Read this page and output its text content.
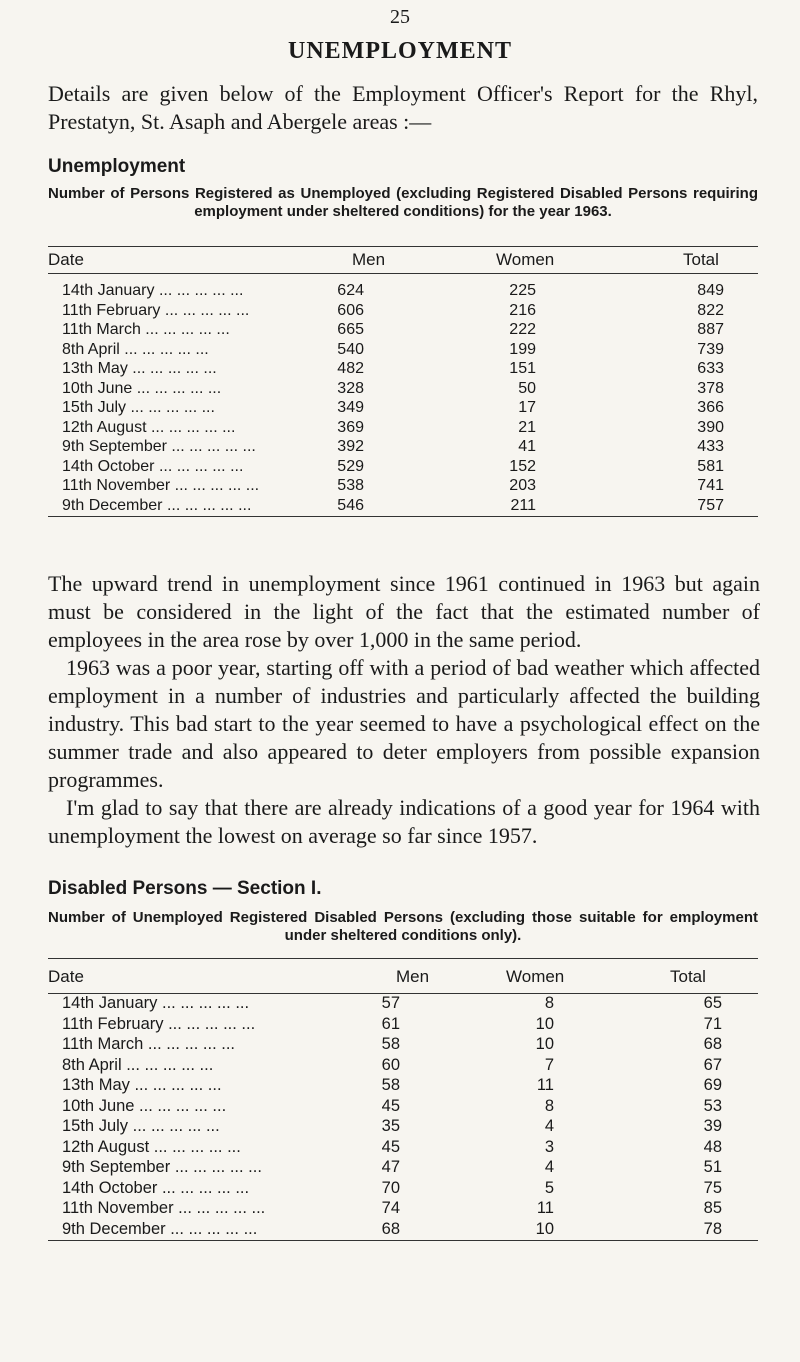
25
UNEMPLOYMENT
Details are given below of the Employment Officer's Report for the Rhyl, Prestatyn, St. Asaph and Abergele areas :—
Unemployment
Number of Persons Registered as Unemployed (excluding Registered Disabled Persons requiring employment under sheltered conditions) for the year 1963.
Date	Men	Women	Total
14th January ... ... ... ... ...	624	225	849
11th February ... ... ... ... ...	606	216	822
11th March ... ... ... ... ...	665	222	887
8th April ... ... ... ... ...	540	199	739
13th May ... ... ... ... ...	482	151	633
10th June ... ... ... ... ...	328	50	378
15th July ... ... ... ... ...	349	17	366
12th August ... ... ... ... ...	369	21	390
9th September ... ... ... ... ...	392	41	433
14th October ... ... ... ... ...	529	152	581
11th November ... ... ... ... ...	538	203	741
9th December ... ... ... ... ...	546	211	757

The upward trend in unemployment since 1961 continued in 1963 but again must be considered in the light of the fact that the estimated number of employees in the area rose by over 1,000 in the same period.

1963 was a poor year, starting off with a period of bad weather which affected employment in a number of industries and particularly affected the building industry. This bad start to the year seemed to have a psychological effect on the summer trade and also appeared to deter employers from possible expansion programmes.

I'm glad to say that there are already indications of a good year for 1964 with unemployment the lowest on average so far since 1957.

Disabled Persons — Section I.
Number of Unemployed Registered Disabled Persons (excluding those suitable for employment under sheltered conditions only).
Date	Men	Women	Total
14th January ... ... ... ... ...	57	8	65
11th February ... ... ... ... ...	61	10	71
11th March ... ... ... ... ...	58	10	68
8th April ... ... ... ... ...	60	7	67
13th May ... ... ... ... ...	58	11	69
10th June ... ... ... ... ...	45	8	53
15th July ... ... ... ... ...	35	4	39
12th August ... ... ... ... ...	45	3	48
9th September ... ... ... ... ...	47	4	51
14th October ... ... ... ... ...	70	5	75
11th November ... ... ... ... ...	74	11	85
9th December ... ... ... ... ...	68	10	78
